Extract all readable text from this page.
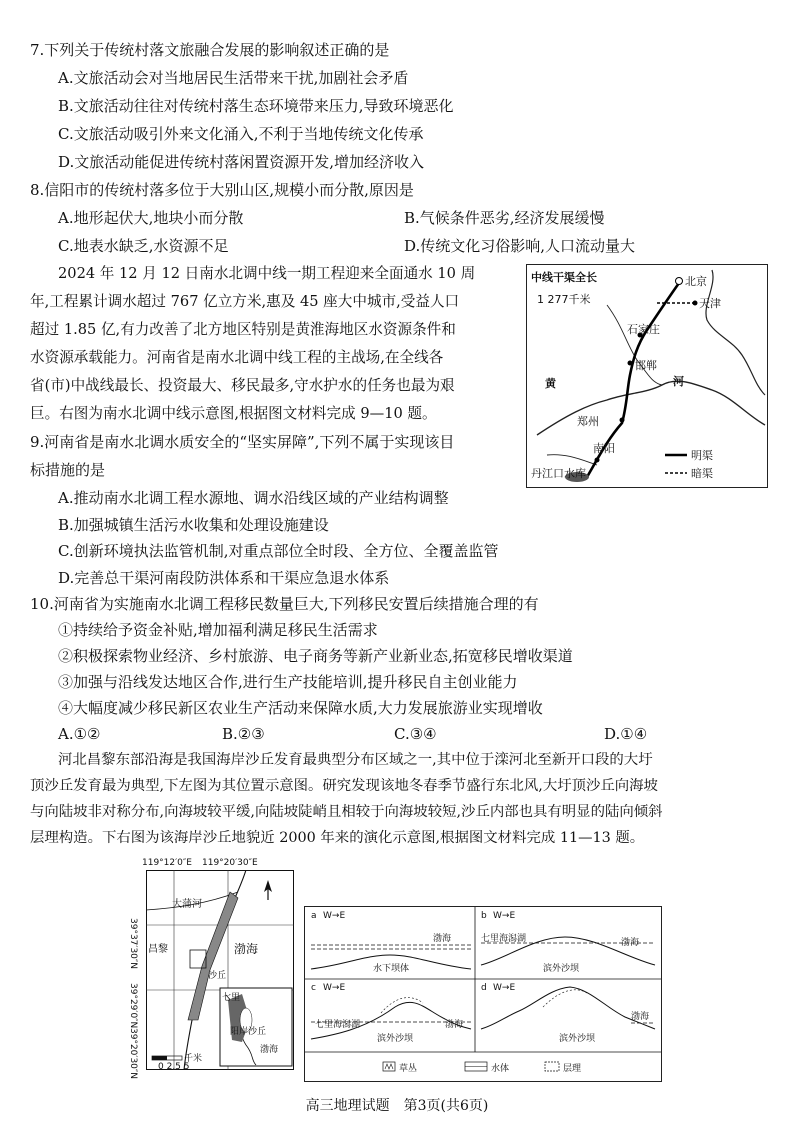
7.下列关于传统村落文旅融合发展的影响叙述正确的是
A.文旅活动会对当地居民生活带来干扰,加剧社会矛盾
B.文旅活动往往对传统村落生态环境带来压力,导致环境恶化
C.文旅活动吸引外来文化涌入,不利于当地传统文化传承
D.文旅活动能促进传统村落闲置资源开发,增加经济收入
8.信阳市的传统村落多位于大别山区,规模小而分散,原因是
A.地形起伏大,地块小而分散	B.气候条件恶劣,经济发展缓慢
C.地表水缺乏,水资源不足	D.传统文化习俗影响,人口流动量大
2024 年 12 月 12 日南水北调中线一期工程迎来全面通水 10 周
年,工程累计调水超过 767 亿立方米,惠及 45 座大中城市,受益人口
超过 1.85 亿,有力改善了北方地区特别是黄淮海地区水资源条件和
水资源承载能力。河南省是南水北调中线工程的主战场,在全线各
省(市)中战线最长、投资最大、移民最多,守水护水的任务也最为艰
巨。右图为南水北调中线示意图,根据图文材料完成 9—10 题。
中线干渠全长
1 277千米
北京
天津
石家庄
邯郸
郑州
南阳
丹江口水库
黄	河
明渠
暗渠
9.河南省是南水北调水质安全的“坚实屏障”,下列不属于实现该目
标措施的是
A.推动南水北调工程水源地、调水沿线区域的产业结构调整
B.加强城镇生活污水收集和处理设施建设
C.创新环境执法监管机制,对重点部位全时段、全方位、全覆盖监管
D.完善总干渠河南段防洪体系和干渠应急退水体系
10.河南省为实施南水北调工程移民数量巨大,下列移民安置后续措施合理的有
①持续给予资金补贴,增加福利满足移民生活需求
②积极探索物业经济、乡村旅游、电子商务等新产业新业态,拓宽移民增收渠道
③加强与沿线发达地区合作,进行生产技能培训,提升移民自主创业能力
④大幅度减少移民新区农业生产活动来保障水质,大力发展旅游业实现增收
A.①②	B.②③	C.③④	D.①④
河北昌黎东部沿海是我国海岸沙丘发育最典型分布区域之一,其中位于滦河北至新开口段的大圩
顶沙丘发育最为典型,下左图为其位置示意图。研究发现该地冬春季节盛行东北风,大圩顶沙丘向海坡
与向陆坡非对称分布,向海坡较平缓,向陆坡陡峭且相较于向海坡较短,沙丘内部也具有明显的陆向倾斜
层理构造。下右图为该海岸沙丘地貌近 2000 年来的演化示意图,根据图文材料完成 11—13 题。
119°12′0″E 119°20′30″E
39°37′30″N
39°29′0″N
39°20′30″N
大蒲河
昌黎	渤海
沙丘
七里
渤海
阳岸沙丘
千米
0 2.5 5
a W→E
渤海
水下坝体
b W→E
渤海
七里海潟湖
滨外沙坝
c W→E
渤海
七里海潟湖
滨外沙坝
d W→E
渤海
滨外沙坝
草丛	水体	层理
高三地理试题　第3页(共6页)
